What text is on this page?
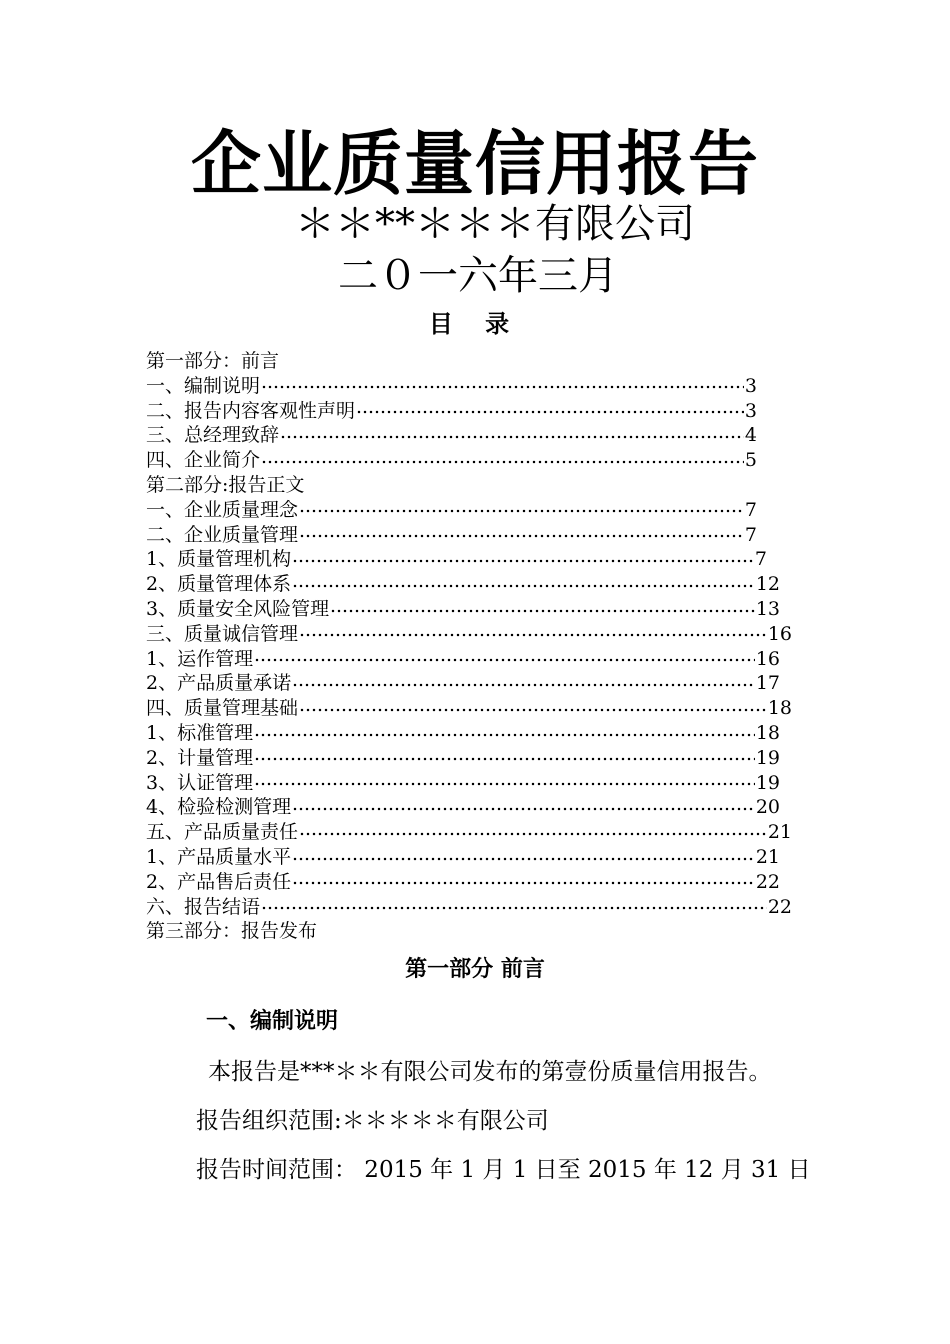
企业质量信用报告
＊＊**＊＊＊有限公司
二０一六年三月
目 录
第一部分：前言
一、编制说明	3
二、报告内容客观性声明	3
三、总经理致辞	4
四、企业简介	5
第二部分:报告正文
一、企业质量理念	7
二、企业质量管理	7
1、质量管理机构	7
2、质量管理体系	12
3、质量安全风险管理	13
三、质量诚信管理	16
1、运作管理	16
2、产品质量承诺	17
四、质量管理基础	18
1、标准管理	18
2、计量管理	19
3、认证管理	19
4、检验检测管理	20
五、产品质量责任	21
1、产品质量水平	21
2、产品售后责任	22
六、报告结语	22
第三部分：报告发布
第一部分 前言
一、编制说明
本报告是***＊＊有限公司发布的第壹份质量信用报告。
报告组织范围:＊＊＊＊＊有限公司
报告时间范围： 2015 年 1 月 1 日至 2015 年 12 月 31 日
